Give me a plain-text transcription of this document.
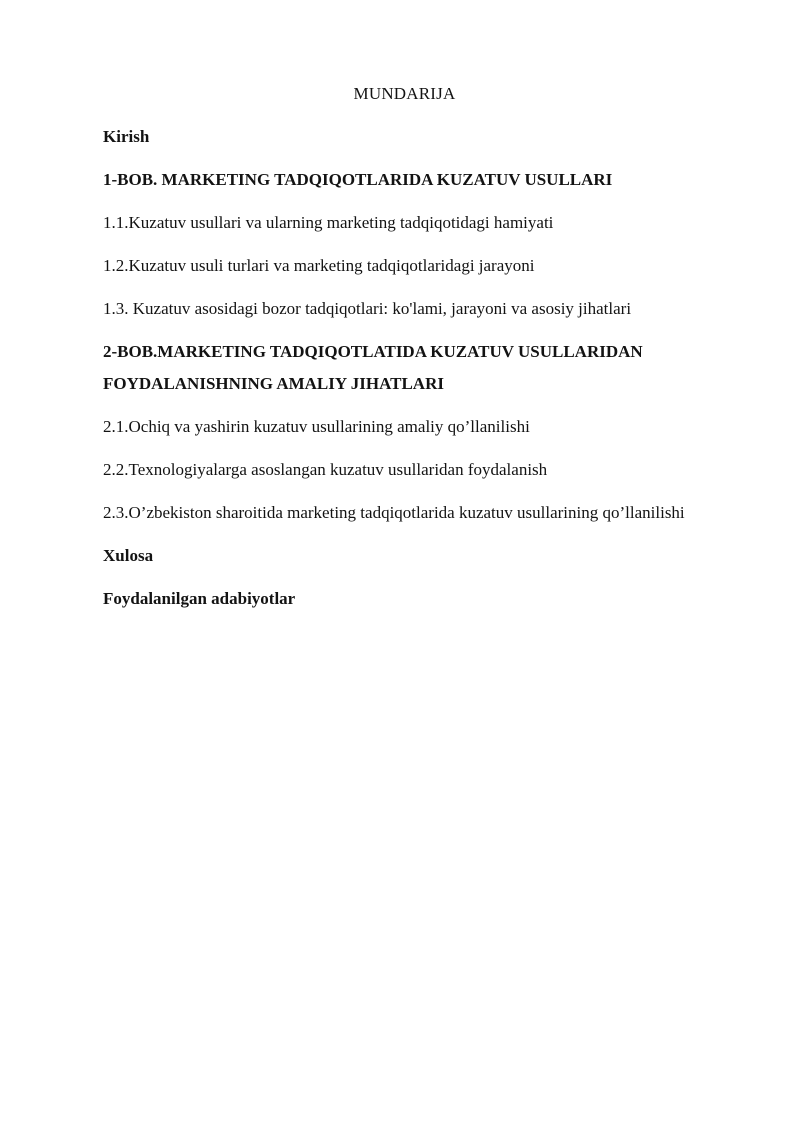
MUNDARIJA

Kirish

1-BOB. MARKETING TADQIQOTLARIDA KUZATUV USULLARI

1.1.Kuzatuv usullari va ularning marketing tadqiqotidagi hamiyati

1.2.Kuzatuv usuli turlari va marketing tadqiqotlaridagi jarayoni

1.3. Kuzatuv asosidagi bozor tadqiqotlari: ko'lami, jarayoni va asosiy jihatlari

2-BOB.MARKETING TADQIQOTLATIDA KUZATUV USULLARIDAN FOYDALANISHNING AMALIY JIHATLARI

2.1.Ochiq va yashirin kuzatuv usullarining amaliy qo’llanilishi

2.2.Texnologiyalarga asoslangan kuzatuv usullaridan foydalanish

2.3.O’zbekiston sharoitida marketing tadqiqotlarida kuzatuv usullarining qo’llanilishi

Xulosa

Foydalanilgan adabiyotlar
